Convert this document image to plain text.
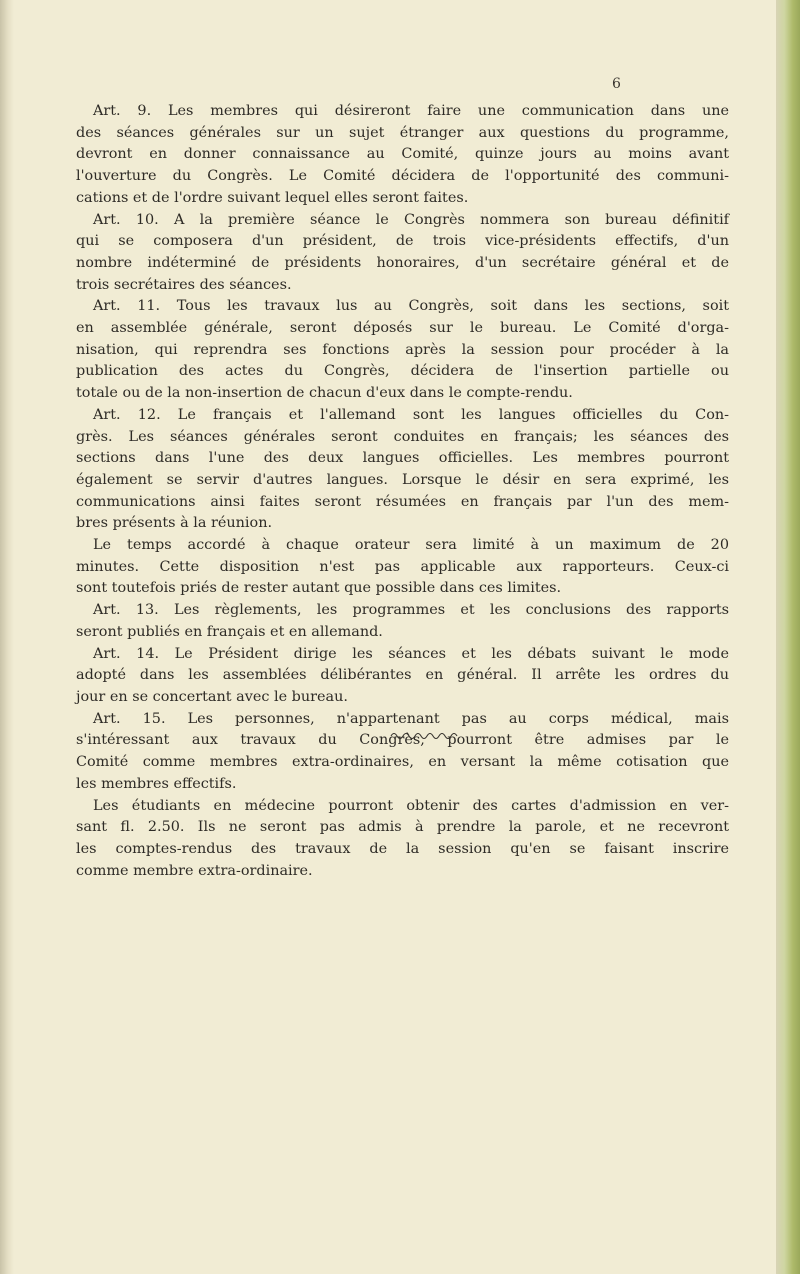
6
Art. 9. Les membres qui désireront faire une communication dans une
des séances générales sur un sujet étranger aux questions du programme,
devront en donner connaissance au Comité, quinze jours au moins avant
l'ouverture du Congrès. Le Comité décidera de l'opportunité des communi-
cations et de l'ordre suivant lequel elles seront faites.
Art. 10. A la première séance le Congrès nommera son bureau définitif
qui se composera d'un président, de trois vice-présidents effectifs, d'un
nombre indéterminé de présidents honoraires, d'un secrétaire général et de
trois secrétaires des séances.
Art. 11. Tous les travaux lus au Congrès, soit dans les sections, soit
en assemblée générale, seront déposés sur le bureau. Le Comité d'orga-
nisation, qui reprendra ses fonctions après la session pour procéder à la
publication des actes du Congrès, décidera de l'insertion partielle ou
totale ou de la non-insertion de chacun d'eux dans le compte-rendu.
Art. 12. Le français et l'allemand sont les langues officielles du Con-
grès. Les séances générales seront conduites en français; les séances des
sections dans l'une des deux langues officielles. Les membres pourront
également se servir d'autres langues. Lorsque le désir en sera exprimé, les
communications ainsi faites seront résumées en français par l'un des mem-
bres présents à la réunion.
Le temps accordé à chaque orateur sera limité à un maximum de 20
minutes. Cette disposition n'est pas applicable aux rapporteurs. Ceux-ci
sont toutefois priés de rester autant que possible dans ces limites.
Art. 13. Les règlements, les programmes et les conclusions des rapports
seront publiés en français et en allemand.
Art. 14. Le Président dirige les séances et les débats suivant le mode
adopté dans les assemblées délibérantes en général. Il arrête les ordres du
jour en se concertant avec le bureau.
Art. 15. Les personnes, n'appartenant pas au corps médical, mais
s'intéressant aux travaux du Congrès, pourront être admises par le
Comité comme membres extra-ordinaires, en versant la même cotisation que
les membres effectifs.
Les étudiants en médecine pourront obtenir des cartes d'admission en ver-
sant fl. 2.50. Ils ne seront pas admis à prendre la parole, et ne recevront
les comptes-rendus des travaux de la session qu'en se faisant inscrire
comme membre extra-ordinaire.
